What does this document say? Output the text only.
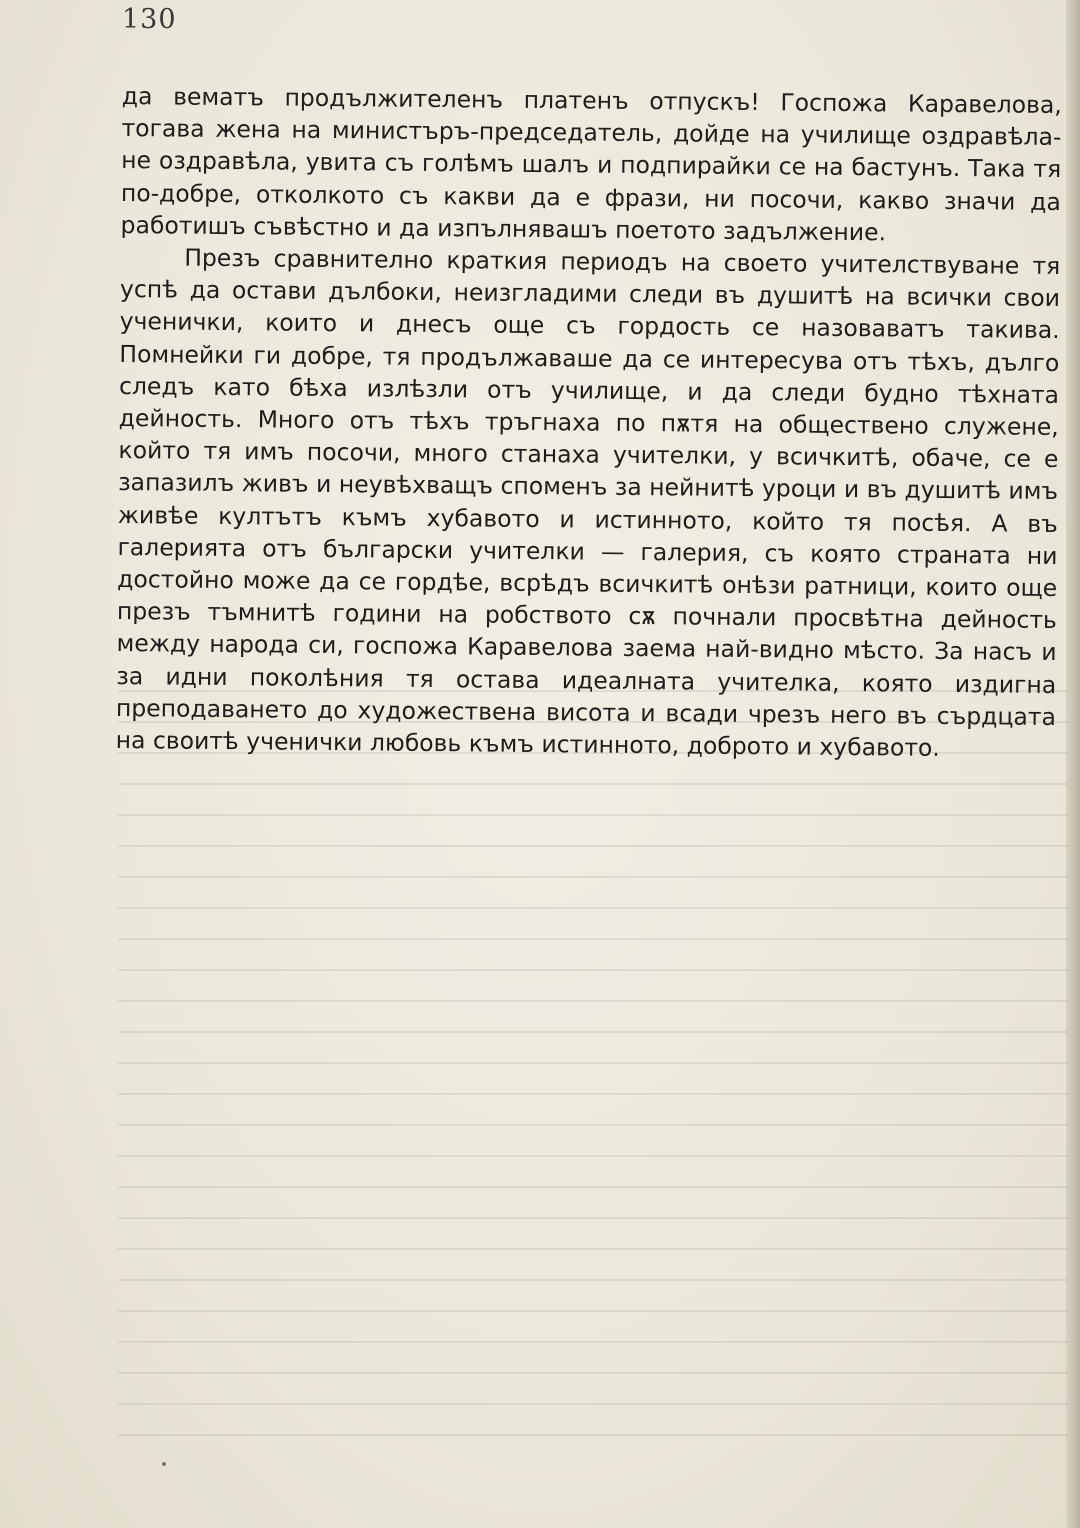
130

да вематъ продължителенъ платенъ отпускъ! Госпожа Каравелова, тогава жена на министъръ-председатель, дойде на училище оздравѣла-не оздравѣла, увита съ голѣмъ шалъ и подпирайки се на бастунъ. Така тя по-добре, отколкото съ какви да е фрази, ни посочи, какво значи да работишъ съвѣстно и да изпълнявашъ поетото задължение.

Презъ сравнително краткия периодъ на своето учителствуване тя успѣ да остави дълбоки, неизгладими следи въ душитѣ на всички свои ученички, които и днесъ още съ гордость се назоваватъ такива. Помнейки ги добре, тя продължаваше да се интересува отъ тѣхъ, дълго следъ като бѣха излѣзли отъ училище, и да следи будно тѣхната дейность. Много отъ тѣхъ тръгнаха по пѫтя на обществено служене, който тя имъ посочи, много станаха учителки, у всичкитѣ, обаче, се е запазилъ живъ и неувѣхващъ споменъ за нейнитѣ уроци и въ душитѣ имъ живѣе култътъ къмъ хубавото и истинното, който тя посѣя. А въ галерията отъ български учителки — галерия, съ която страната ни достойно може да се гордѣе, всрѣдъ всичкитѣ онѣзи ратници, които още презъ тъмнитѣ години на робството сѫ почнали просвѣтна дейность между народа си, госпожа Каравелова заема най-видно мѣсто. За насъ и за идни поколѣния тя остава идеалната учителка, която издигна преподаването до художествена висота и всади чрезъ него въ сърдцата на своитѣ ученички любовь къмъ истинното, доброто и хубавото.
